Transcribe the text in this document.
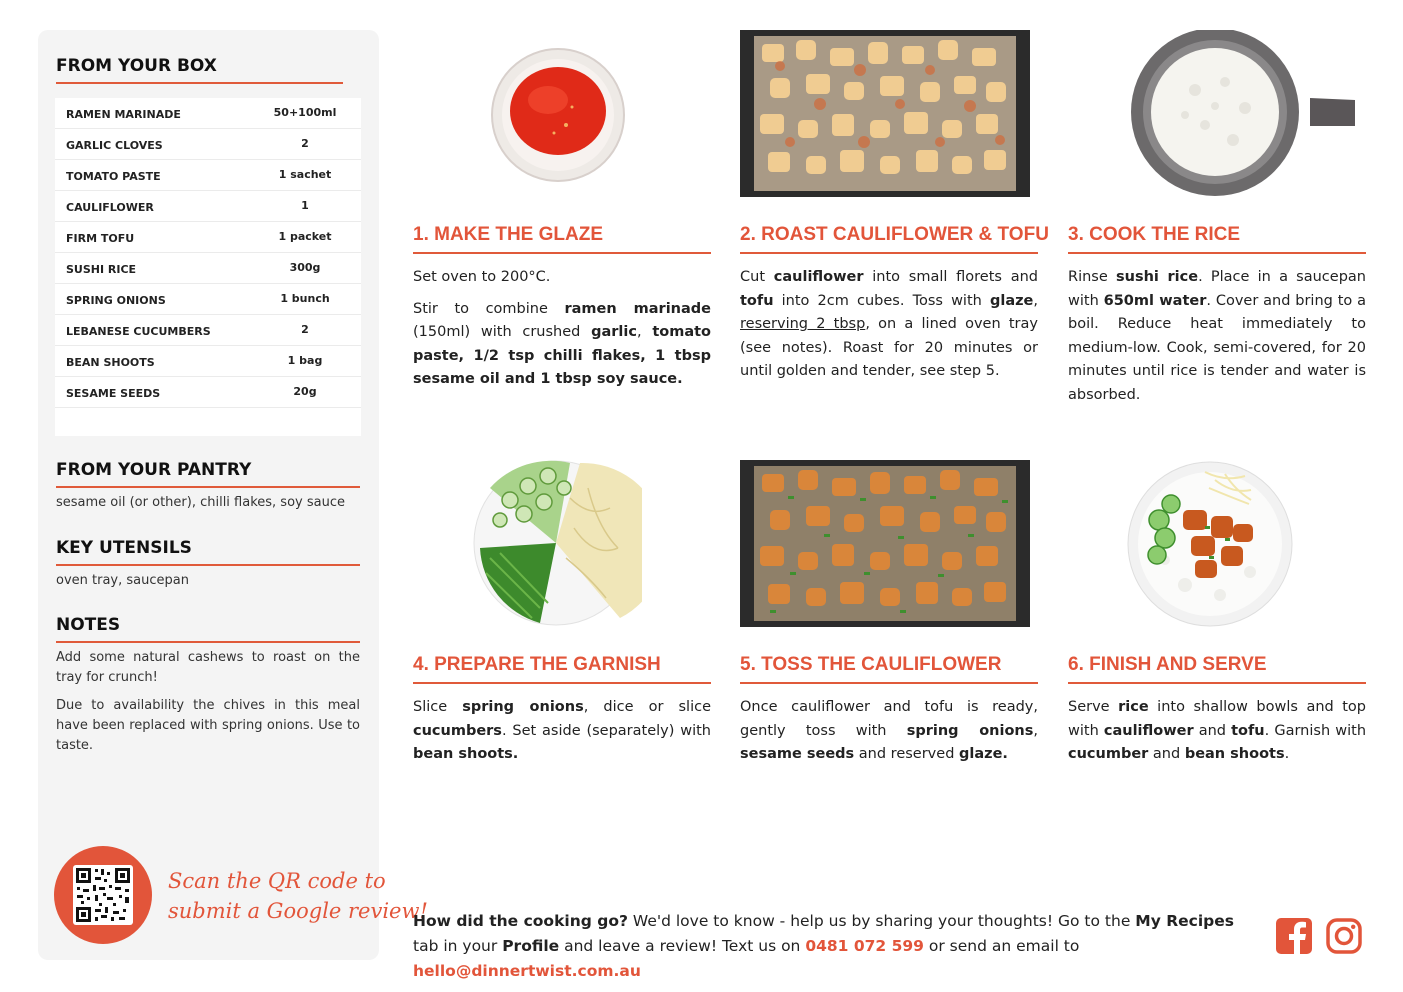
FROM YOUR BOX
RAMEN MARINADE	50+100ml
GARLIC CLOVES	2
TOMATO PASTE	1 sachet
CAULIFLOWER	1
FIRM TOFU	1 packet
SUSHI RICE	300g
SPRING ONIONS	1 bunch
LEBANESE CUCUMBERS	2
BEAN SHOOTS	1 bag
SESAME SEEDS	20g
FROM YOUR PANTRY
sesame oil (or other), chilli flakes, soy sauce
KEY UTENSILS
oven tray, saucepan
NOTES
Add some natural cashews to roast on the tray for crunch!
Due to availability the chives in this meal have been replaced with spring onions. Use to taste.
Scan the QR code to
submit a Google review!
1. MAKE THE GLAZE

Set oven to 200°C.

Stir to combine ramen marinade (150ml) with crushed garlic, tomato paste, 1/2 tsp chilli flakes, 1 tbsp sesame oil and 1 tbsp soy sauce.

2. ROAST CAULIFLOWER & TOFU

Cut cauliflower into small florets and tofu into 2cm cubes. Toss with glaze, reserving 2 tbsp, on a lined oven tray (see notes). Roast for 20 minutes or until golden and tender, see step 5.

3. COOK THE RICE

Rinse sushi rice. Place in a saucepan with 650ml water. Cover and bring to a boil. Reduce heat immediately to medium-low. Cook, semi-covered, for 20 minutes until rice is tender and water is absorbed.

4. PREPARE THE GARNISH

Slice spring onions, dice or slice cucumbers. Set aside (separately) with bean shoots.

5. TOSS THE CAULIFLOWER

Once cauliflower and tofu is ready, gently toss with spring onions, sesame seeds and reserved glaze.

6. FINISH AND SERVE

Serve rice into shallow bowls and top with cauliflower and tofu. Garnish with cucumber and bean shoots.

How did the cooking go? We'd love to know - help us by sharing your thoughts! Go to the My Recipes tab in your Profile and leave a review! Text us on 0481 072 599 or send an email to hello@dinnertwist.com.au
